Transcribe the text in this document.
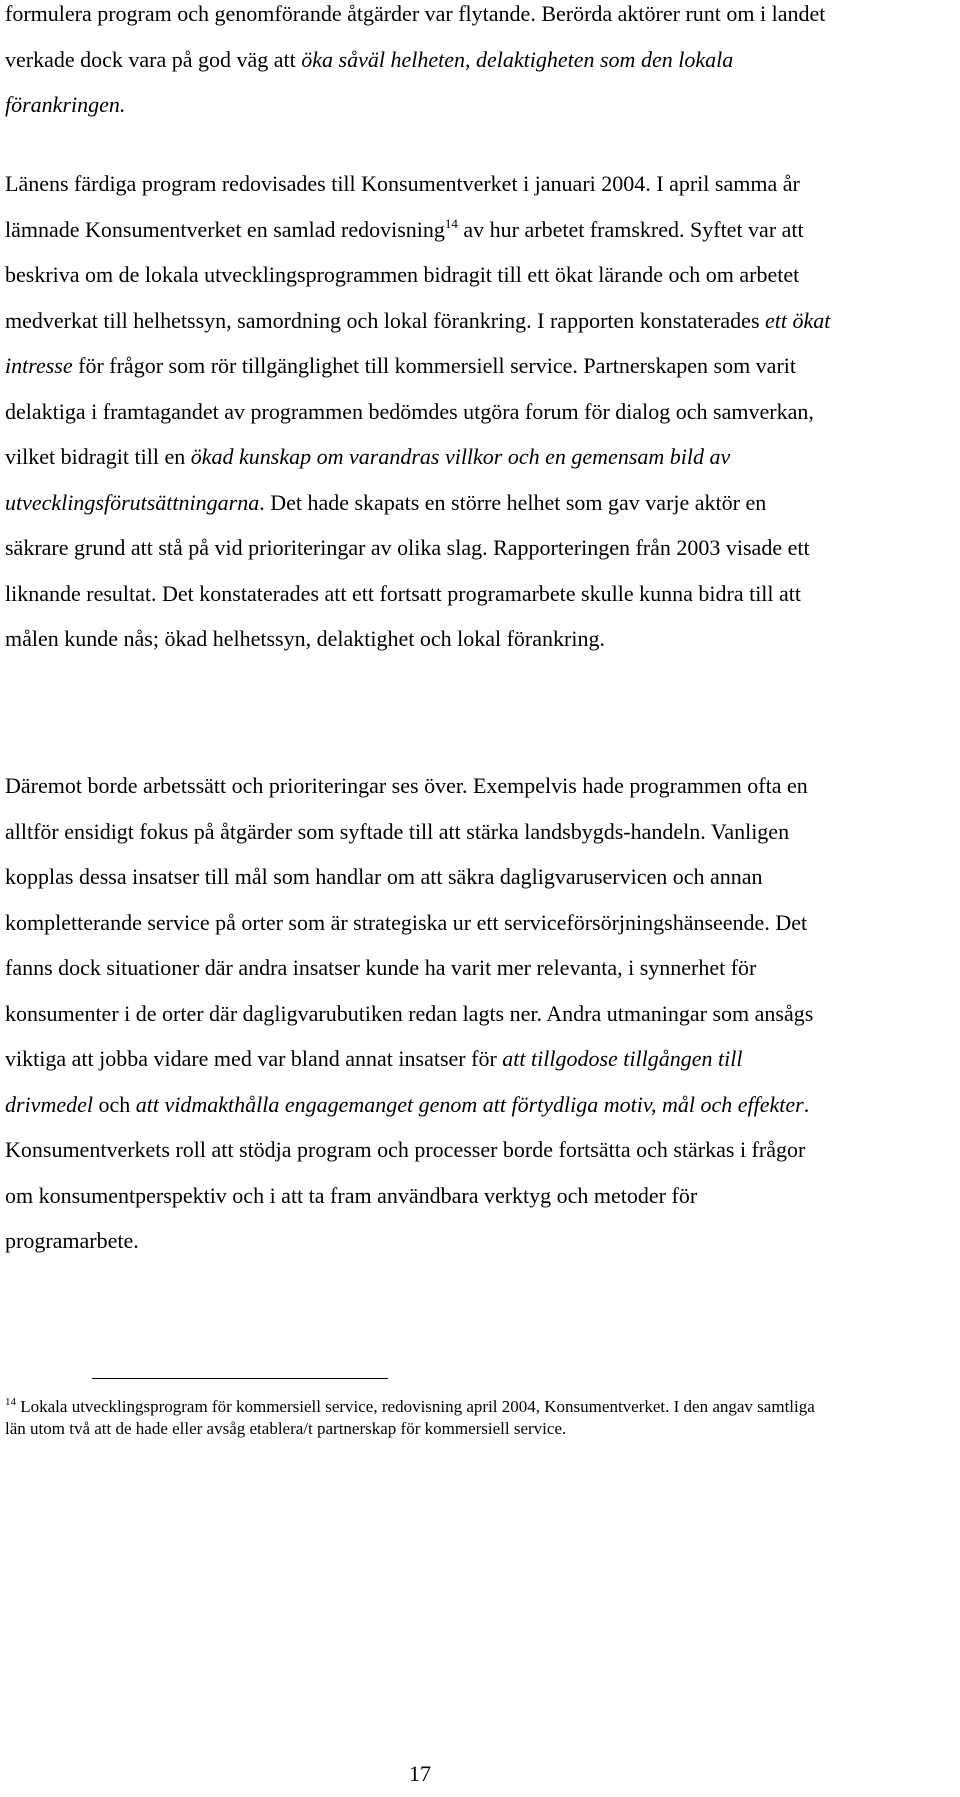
formulera program och genomförande åtgärder var flytande. Berörda aktörer runt om i landet verkade dock vara på god väg att öka såväl helheten, delaktigheten som den lokala förankringen.

Länens färdiga program redovisades till Konsumentverket i januari 2004. I april samma år lämnade Konsumentverket en samlad redovisning$^{14}$ av hur arbetet framskred. Syftet var att beskriva om de lokala utvecklingsprogrammen bidragit till ett ökat lärande och om arbetet medverkat till helhetssyn, samordning och lokal förankring. I rapporten konstaterades ett ökat intresse för frågor som rör tillgänglighet till kommersiell service. Partnerskapen som varit delaktiga i framtagandet av programmen bedömdes utgöra forum för dialog och samverkan, vilket bidragit till en ökad kunskap om varandras villkor och en gemensam bild av utvecklingsförutsättningarna. Det hade skapats en större helhet som gav varje aktör en säkrare grund att stå på vid prioriteringar av olika slag. Rapporteringen från 2003 visade ett liknande resultat. Det konstaterades att ett fortsatt programarbete skulle kunna bidra till att målen kunde nås; ökad helhetssyn, delaktighet och lokal förankring.

Däremot borde arbetssätt och prioriteringar ses över. Exempelvis hade programmen ofta en alltför ensidigt fokus på åtgärder som syftade till att stärka landsbygds-handeln. Vanligen kopplas dessa insatser till mål som handlar om att säkra dagligvaruservicen och annan kompletterande service på orter som är strategiska ur ett serviceförsörjningshänseende. Det fanns dock situationer där andra insatser kunde ha varit mer relevanta, i synnerhet för konsumenter i de orter där dagligvarubutiken redan lagts ner. Andra utmaningar som ansågs viktiga att jobba vidare med var bland annat insatser för att tillgodose tillgången till drivmedel och att vidmakthålla engagemanget genom att förtydliga motiv, mål och effekter. Konsumentverkets roll att stödja program och processer borde fortsätta och stärkas i frågor om konsumentperspektiv och i att ta fram användbara verktyg och metoder för programarbete.

$^{14}$ Lokala utvecklingsprogram för kommersiell service, redovisning april 2004, Konsumentverket. I den angav samtliga län utom två att de hade eller avsåg etablera/t partnerskap för kommersiell service.

17
